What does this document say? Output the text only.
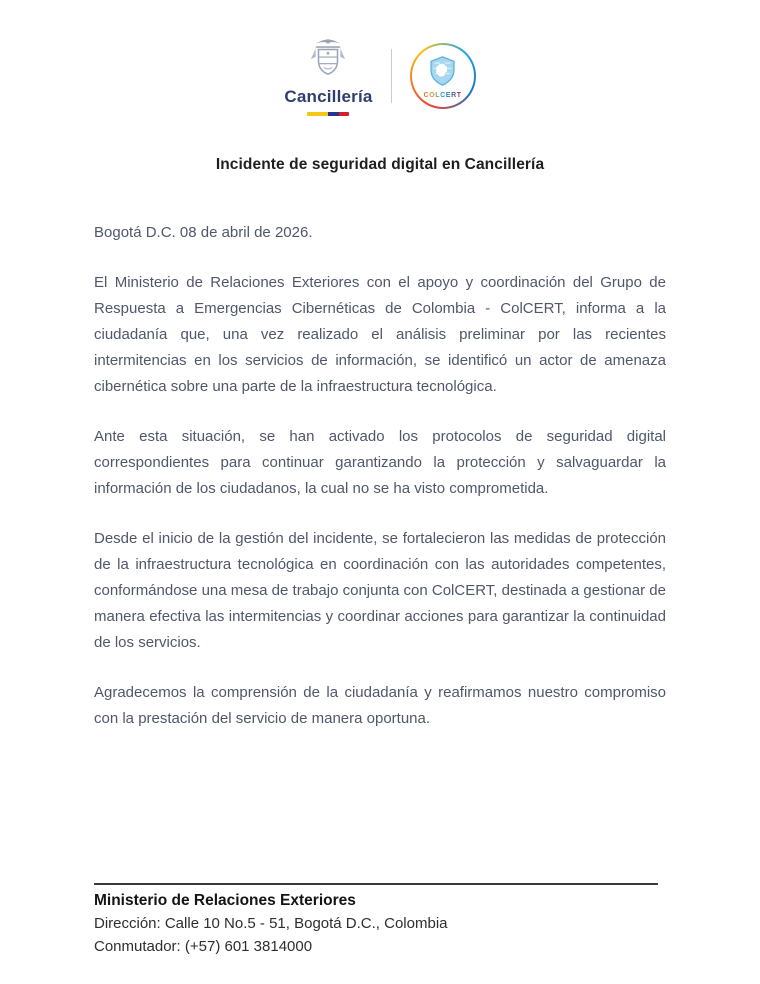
Cancillería	COLCERT
Incidente de seguridad digital en Cancillería

Bogotá D.C. 08 de abril de 2026.

El Ministerio de Relaciones Exteriores con el apoyo y coordinación del Grupo de Respuesta a Emergencias Cibernéticas de Colombia - ColCERT, informa a la ciudadanía que, una vez realizado el análisis preliminar por las recientes intermitencias en los servicios de información, se identificó un actor de amenaza cibernética sobre una parte de la infraestructura tecnológica.

Ante esta situación, se han activado los protocolos de seguridad digital correspondientes para continuar garantizando la protección y salvaguardar la información de los ciudadanos, la cual no se ha visto comprometida.

Desde el inicio de la gestión del incidente, se fortalecieron las medidas de protección de la infraestructura tecnológica en coordinación con las autoridades competentes, conformándose una mesa de trabajo conjunta con ColCERT, destinada a gestionar de manera efectiva las intermitencias y coordinar acciones para garantizar la continuidad de los servicios.

Agradecemos la comprensión de la ciudadanía y reafirmamos nuestro compromiso con la prestación del servicio de manera oportuna.

Ministerio de Relaciones Exteriores
Dirección: Calle 10 No.5 - 51, Bogotá D.C., Colombia
Conmutador: (+57) 601 3814000
